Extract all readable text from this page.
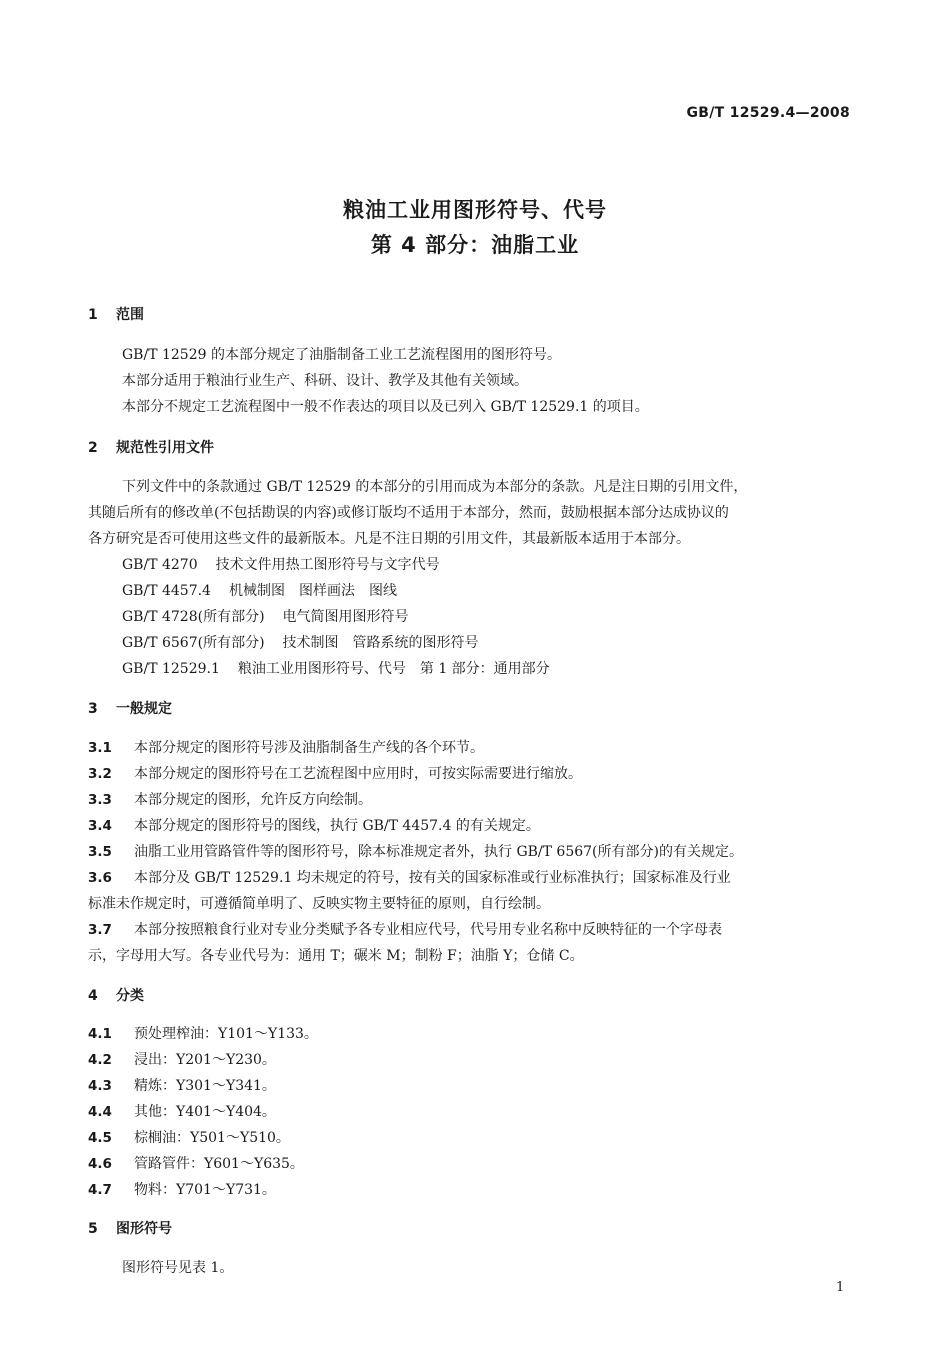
GB/T 12529.4—2008
粮油工业用图形符号、代号
第 4 部分：油脂工业
1 范围
GB/T 12529 的本部分规定了油脂制备工业工艺流程图用的图形符号。
本部分适用于粮油行业生产、科研、设计、教学及其他有关领域。
本部分不规定工艺流程图中一般不作表达的项目以及已列入 GB/T 12529.1 的项目。
2 规范性引用文件
下列文件中的条款通过 GB/T 12529 的本部分的引用而成为本部分的条款。凡是注日期的引用文件，
其随后所有的修改单(不包括勘误的内容)或修订版均不适用于本部分，然而，鼓励根据本部分达成协议的
各方研究是否可使用这些文件的最新版本。凡是不注日期的引用文件，其最新版本适用于本部分。
GB/T 4270 技术文件用热工图形符号与文字代号
GB/T 4457.4 机械制图　图样画法　图线
GB/T 4728(所有部分) 电气简图用图形符号
GB/T 6567(所有部分) 技术制图　管路系统的图形符号
GB/T 12529.1 粮油工业用图形符号、代号　第 1 部分：通用部分
3 一般规定
3.1 本部分规定的图形符号涉及油脂制备生产线的各个环节。
3.2 本部分规定的图形符号在工艺流程图中应用时，可按实际需要进行缩放。
3.3 本部分规定的图形，允许反方向绘制。
3.4 本部分规定的图形符号的图线，执行 GB/T 4457.4 的有关规定。
3.5 油脂工业用管路管件等的图形符号，除本标准规定者外，执行 GB/T 6567(所有部分)的有关规定。
3.6 本部分及 GB/T 12529.1 均未规定的符号，按有关的国家标准或行业标准执行；国家标准及行业
标准未作规定时，可遵循简单明了、反映实物主要特征的原则，自行绘制。
3.7 本部分按照粮食行业对专业分类赋予各专业相应代号，代号用专业名称中反映特征的一个字母表
示，字母用大写。各专业代号为：通用 T；碾米 M；制粉 F；油脂 Y；仓储 C。
4 分类
4.1 预处理榨油：Y101～Y133。
4.2 浸出：Y201～Y230。
4.3 精炼：Y301～Y341。
4.4 其他：Y401～Y404。
4.5 棕榈油：Y501～Y510。
4.6 管路管件：Y601～Y635。
4.7 物料：Y701～Y731。
5 图形符号
图形符号见表 1。
1
